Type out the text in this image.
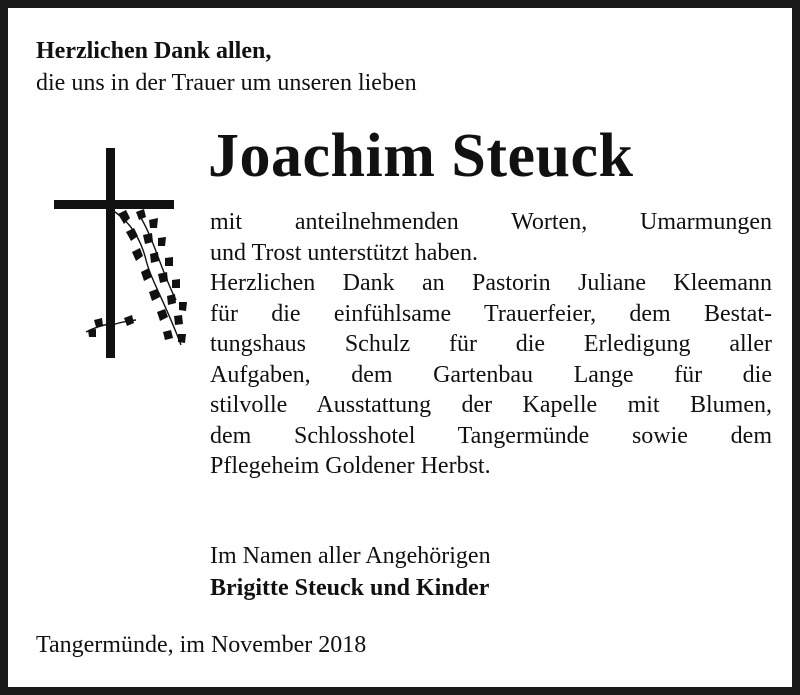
Herzlichen Dank allen,
die uns in der Trauer um unseren lieben
Joachim Steuck
mit anteilnehmenden Worten, Umarmungen
und Trost unterstützt haben.
Herzlichen Dank an Pastorin Juliane Kleemann
für die einfühlsame Trauerfeier, dem Bestat-
tungshaus Schulz für die Erledigung aller
Aufgaben, dem Gartenbau Lange für die
stilvolle Ausstattung der Kapelle mit Blumen,
dem Schlosshotel Tangermünde sowie dem
Pflegeheim Goldener Herbst.
Im Namen aller Angehörigen
Brigitte Steuck und Kinder
Tangermünde, im November 2018
